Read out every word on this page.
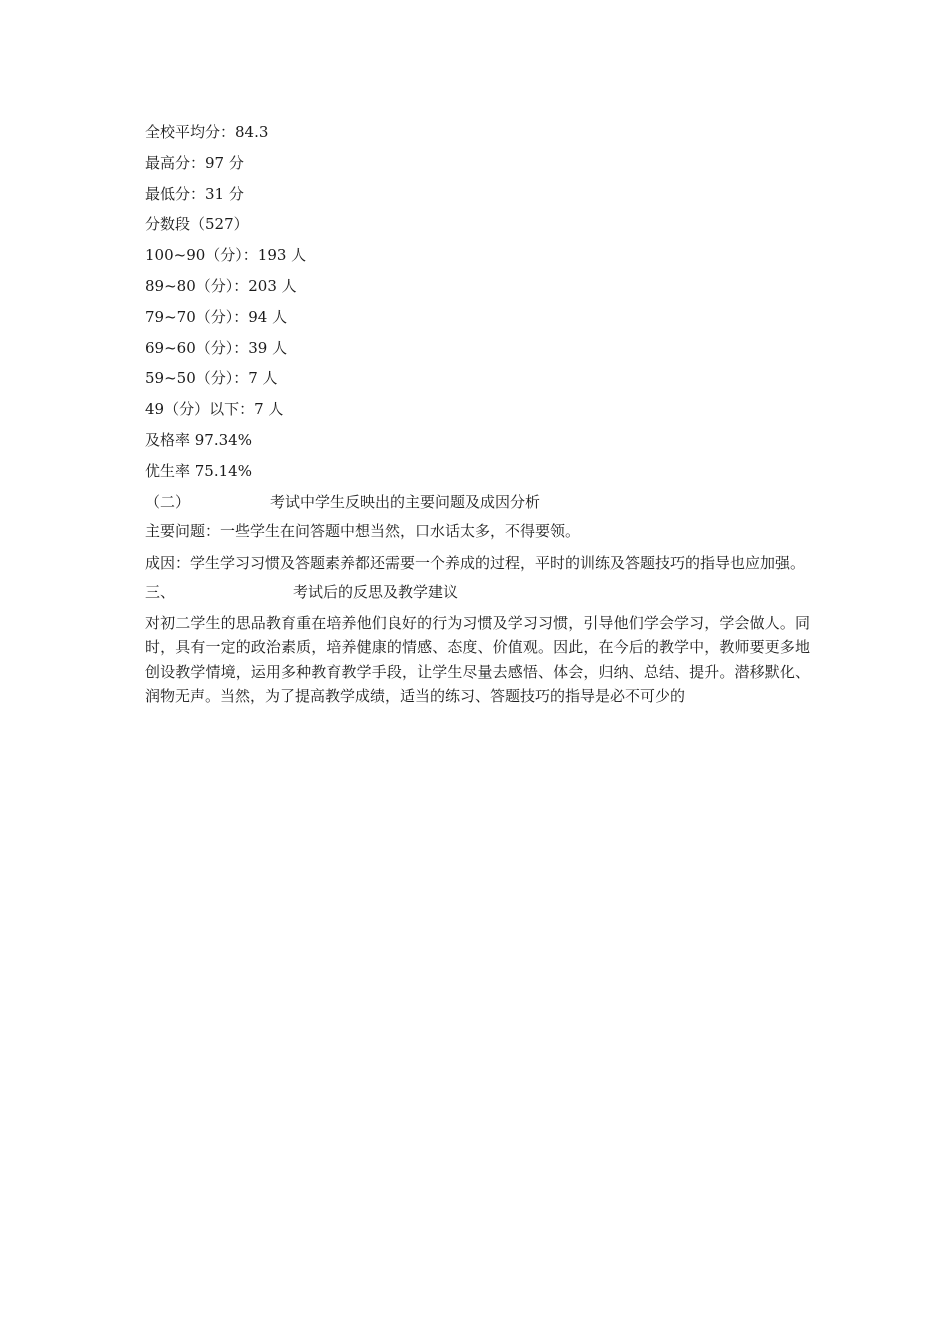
全校平均分：84.3
最高分：97 分
最低分：31 分
分数段（527）
100~90（分）：193 人
89~80（分）：203 人
79~70（分）：94 人
69~60（分）：39 人
59~50（分）：7 人
49（分）以下：7 人
及格率 97.34%
优生率 75.14%
（二）	考试中学生反映出的主要问题及成因分析
主要问题：一些学生在问答题中想当然，口水话太多，不得要领。
成因：学生学习习惯及答题素养都还需要一个养成的过程，平时的训练及答题技巧的指导也应加强。
三、	考试后的反思及教学建议
对初二学生的思品教育重在培养他们良好的行为习惯及学习习惯，引导他们学会学习，学会做人。同时，具有一定的政治素质，培养健康的情感、态度、价值观。因此，在今后的教学中，教师要更多地创设教学情境，运用多种教育教学手段，让学生尽量去感悟、体会，归纳、总结、提升。潜移默化、润物无声。当然，为了提高教学成绩，适当的练习、答题技巧的指导是必不可少的
